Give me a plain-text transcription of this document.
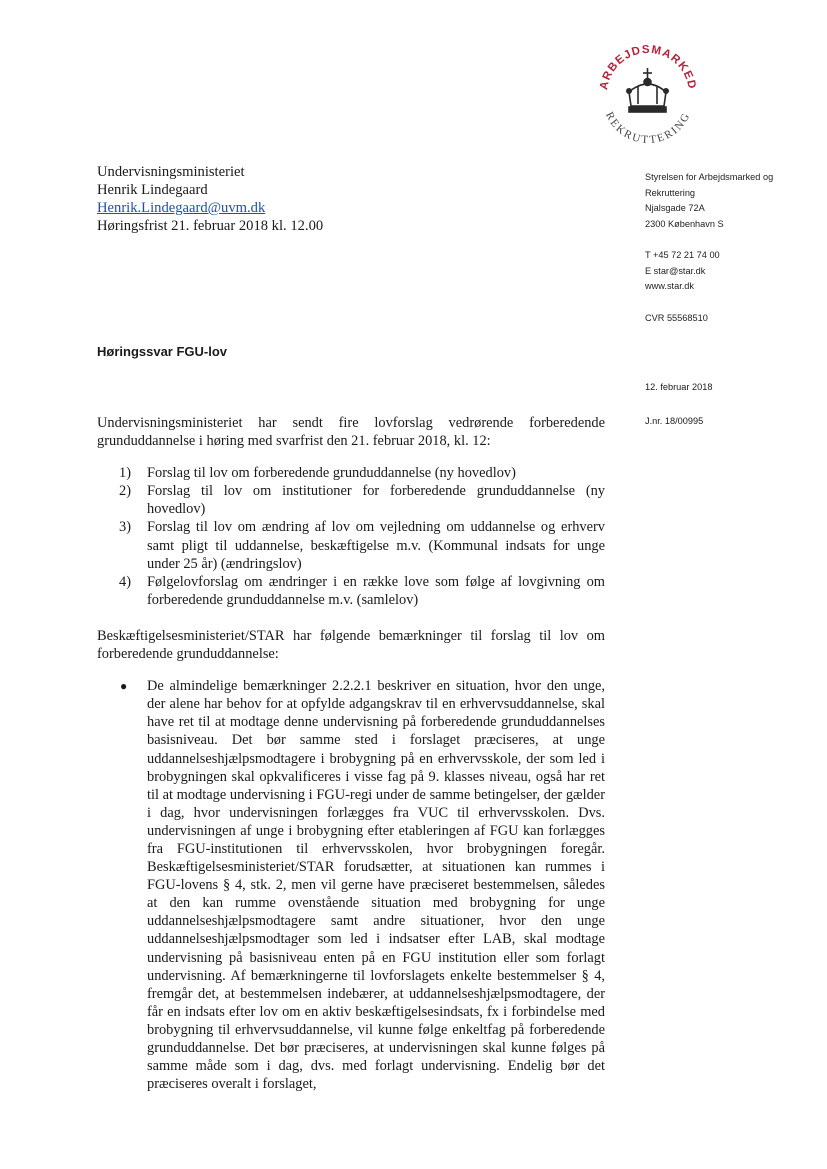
ARBEJDSMARKED
REKRUTTERING
Undervisningsministeriet
Henrik Lindegaard
Henrik.Lindegaard@uvm.dk
Høringsfrist 21. februar 2018 kl. 12.00
Styrelsen for Arbejdsmarked og
Rekruttering
Njalsgade 72A
2300 København S
T +45 72 21 74 00
E star@star.dk
www.star.dk
CVR 55568510
12. februar 2018
J.nr. 18/00995
Høringssvar FGU-lov

Undervisningsministeriet har sendt fire lovforslag vedrørende forberedende grunduddannelse i høring med svarfrist den 21. februar 2018, kl. 12:

1) Forslag til lov om forberedende grunduddannelse (ny hovedlov)
2) Forslag til lov om institutioner for forberedende grunduddannelse (ny hovedlov)
3) Forslag til lov om ændring af lov om vejledning om uddannelse og erhverv samt pligt til uddannelse, beskæftigelse m.v. (Kommunal indsats for unge under 25 år) (ændringslov)
4) Følgelovforslag om ændringer i en række love som følge af lovgivning om forberedende grunduddannelse m.v. (samlelov)

Beskæftigelsesministeriet/STAR har følgende bemærkninger til forslag til lov om forberedende grunduddannelse:

● De almindelige bemærkninger 2.2.2.1 beskriver en situation, hvor den unge, der alene har behov for at opfylde adgangskrav til en erhvervsuddannelse, skal have ret til at modtage denne undervisning på forberedende grunduddannelses basisniveau. Det bør samme sted i forslaget præciseres, at unge uddannelseshjælpsmodtagere i brobygning på en erhvervsskole, der som led i brobygningen skal opkvalificeres i visse fag på 9. klasses niveau, også har ret til at modtage undervisning i FGU-regi under de samme betingelser, der gælder i dag, hvor undervisningen forlægges fra VUC til erhvervsskolen. Dvs. undervisningen af unge i brobygning efter etableringen af FGU kan forlægges fra FGU-institutionen til erhvervsskolen, hvor brobygningen foregår. Beskæftigelsesministeriet/STAR forudsætter, at situationen kan rummes i FGU-lovens § 4, stk. 2, men vil gerne have præciseret bestemmelsen, således at den kan rumme ovenstående situation med brobygning for unge uddannelseshjælpsmodtagere samt andre situationer, hvor den unge uddannelseshjælpsmodtager som led i indsatser efter LAB, skal modtage undervisning på basisniveau enten på en FGU institution eller som forlagt undervisning. Af bemærkningerne til lovforslagets enkelte bestemmelser § 4, fremgår det, at bestemmelsen indebærer, at uddannelseshjælpsmodtagere, der får en indsats efter lov om en aktiv beskæftigelsesindsats, fx i forbindelse med brobygning til erhvervsuddannelse, vil kunne følge enkeltfag på forberedende grunduddannelse. Det bør præciseres, at undervisningen skal kunne følges på samme måde som i dag, dvs. med forlagt undervisning. Endelig bør det præciseres overalt i forslaget,
